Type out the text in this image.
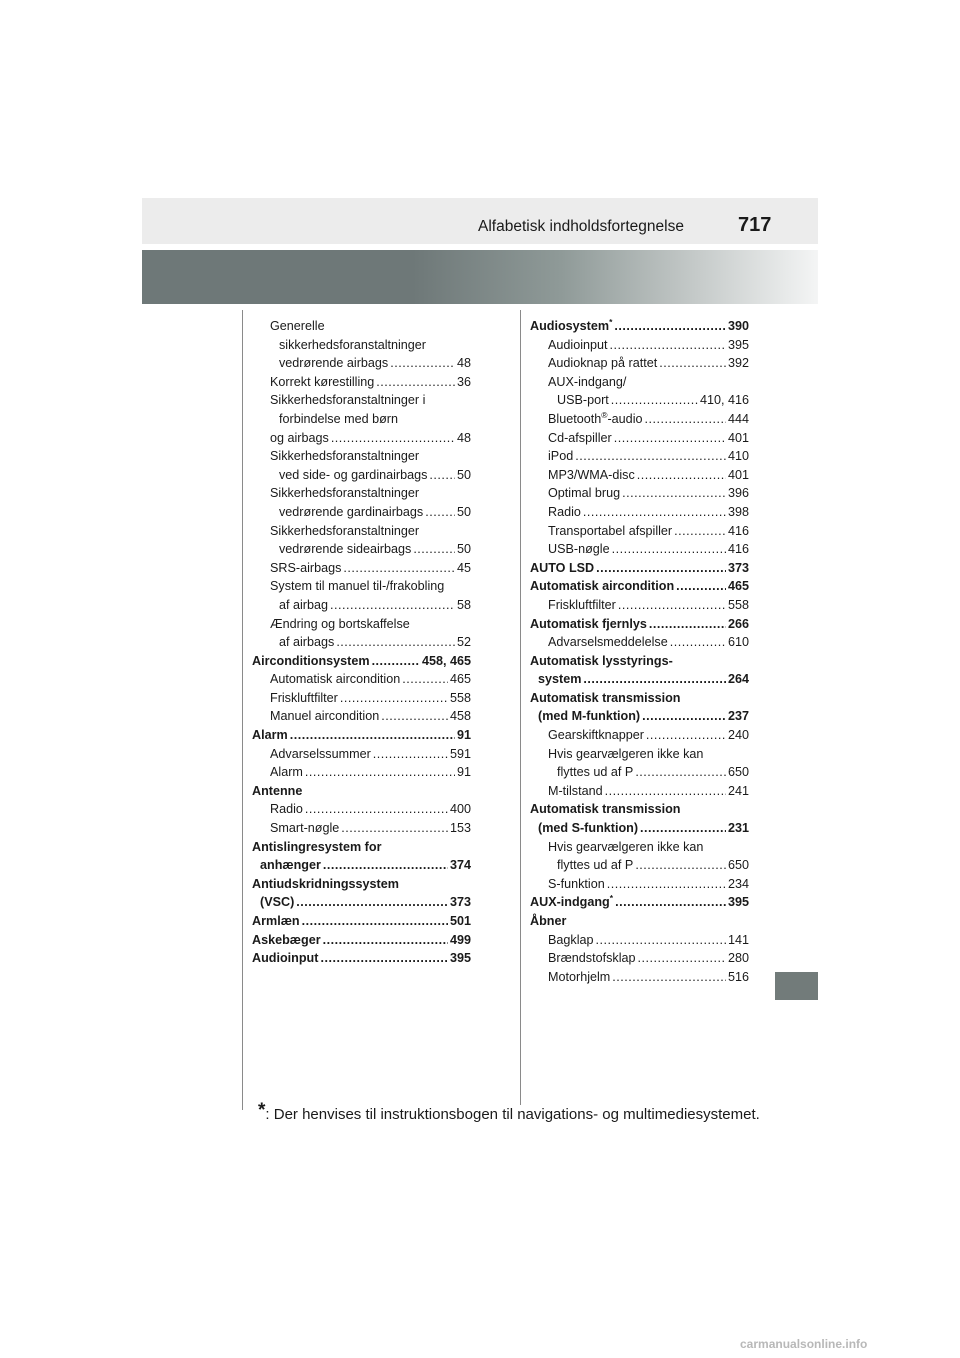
Alfabetisk indholdsfortegnelse	717
Generelle
sikkerhedsforanstaltninger
vedrørende airbags .....	48
Korrekt kørestilling .....	36
Sikkerhedsforanstaltninger i
forbindelse med børn
og airbags .....	48
Sikkerhedsforanstaltninger
ved side- og gardinairbags ..... 50
Sikkerhedsforanstaltninger
vedrørende gardinairbags .....	50
Sikkerhedsforanstaltninger
vedrørende sideairbags .....	50
SRS-airbags .....	45
System til manuel til-/frakobling
af airbag .....	58
Ændring og bortskaffelse
af airbags .....	52
Airconditionsystem .....	458, 465
Automatisk aircondition .....	465
Friskluftfilter .....	558
Manuel aircondition .....	458
Alarm .....	91
Advarselssummer .....	591
Alarm .....	91
Antenne
Radio .....	400
Smart-nøgle .....	153
Antislingresystem for
anhænger .....	374
Antiudskridningssystem
(VSC) .....	373
Armlæn .....	501
Askebæger .....	499
Audioinput .....	395
Audiosystem* .....	390
Audioinput .....	395
Audioknap på rattet .....	392
AUX-indgang/
USB-port .....	410, 416
Bluetooth®-audio .....	444
Cd-afspiller .....	401
iPod .....	410
MP3/WMA-disc .....	401
Optimal brug .....	396
Radio .....	398
Transportabel afspiller .....	416
USB-nøgle .....	416
AUTO LSD .....	373
Automatisk aircondition .....	465
Friskluftfilter .....	558
Automatisk fjernlys .....	266
Advarselsmeddelelse .....	610
Automatisk lysstyrings-
system .....	264
Automatisk transmission
(med M-funktion) .....	237
Gearskiftknapper .....	240
Hvis gearvælgeren ikke kan
flyttes ud af P .....	650
M-tilstand .....	241
Automatisk transmission
(med S-funktion) .....	231
Hvis gearvælgeren ikke kan
flyttes ud af P .....	650
S-funktion .....	234
AUX-indgang* .....	395
Åbner
Bagklap .....	141
Brændstofsklap .....	280
Motorhjelm .....	516
*: Der henvises til instruktionsbogen til navigations- og multimediesystemet.
carmanualsonline.info
